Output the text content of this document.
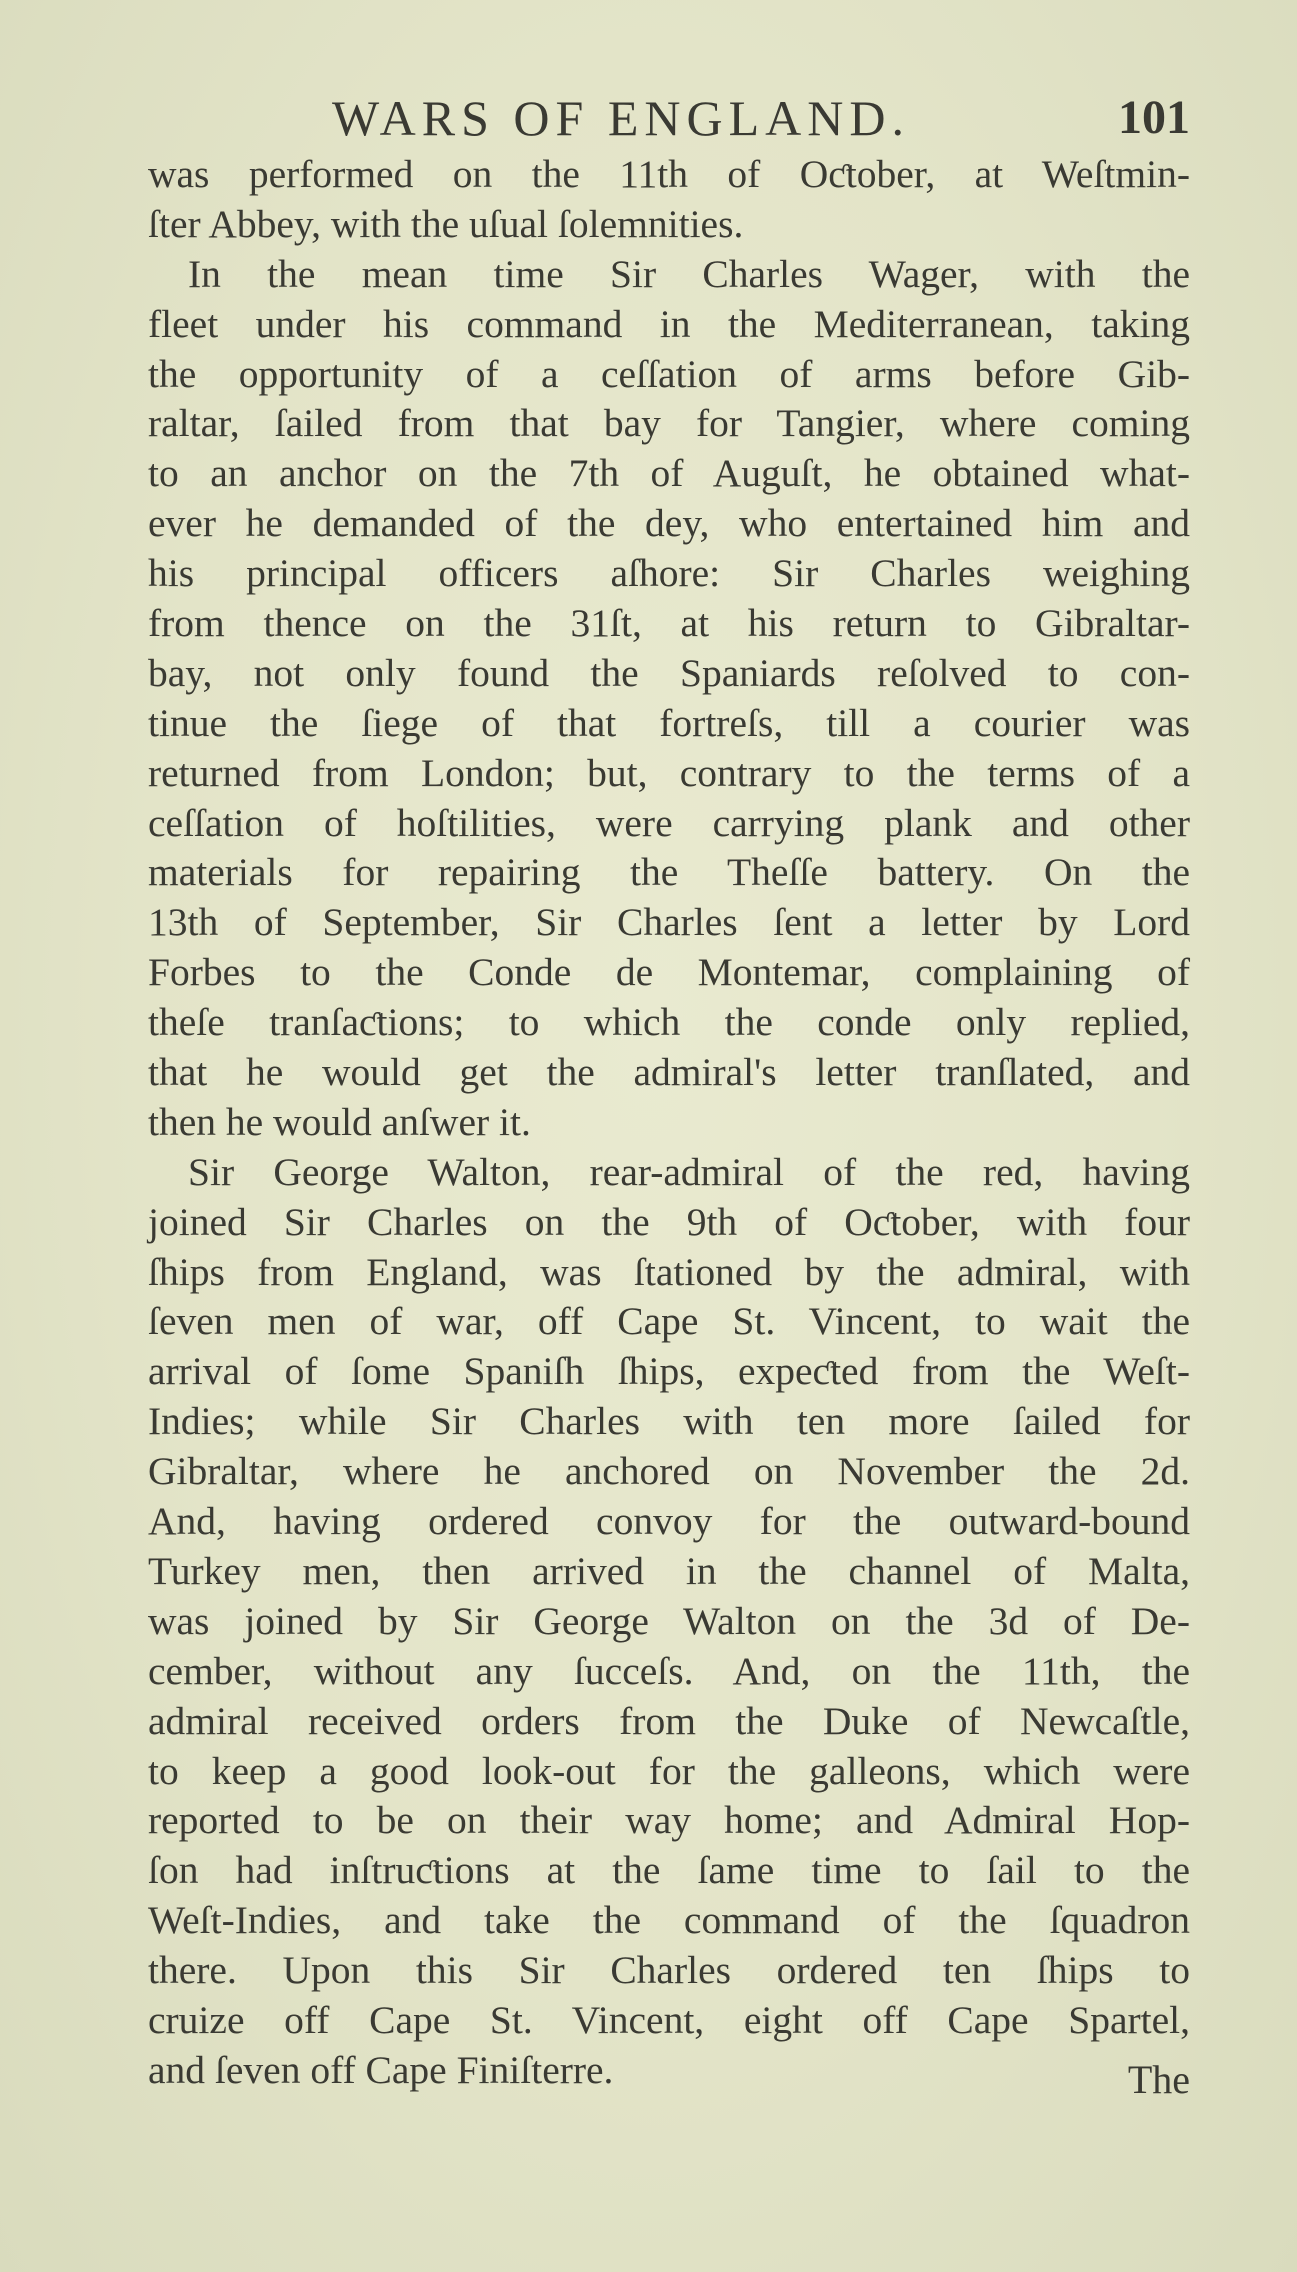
WARS OF ENGLAND.	101
was performed on the 11th of Oƈtober, at Weſtmin-
ſter Abbey, with the uſual ſolemnities.
In the mean time Sir Charles Wager, with the
fleet under his command in the Mediterranean, taking
the opportunity of a ceſſation of arms before Gib-
raltar, ſailed from that bay for Tangier, where coming
to an anchor on the 7th of Auguſt, he obtained what-
ever he demanded of the dey, who entertained him and
his principal officers aſhore: Sir Charles weighing
from thence on the 31ſt, at his return to Gibraltar-
bay, not only found the Spaniards reſolved to con-
tinue the ſiege of that fortreſs, till a courier was
returned from London; but, contrary to the terms of a
ceſſation of hoſtilities, were carrying plank and other
materials for repairing the Theſſe battery. On the
13th of September, Sir Charles ſent a letter by Lord
Forbes to the Conde de Montemar, complaining of
theſe tranſaƈtions; to which the conde only replied,
that he would get the admiral's letter tranſlated, and
then he would anſwer it.
Sir George Walton, rear-admiral of the red, having
joined Sir Charles on the 9th of Oƈtober, with four
ſhips from England, was ſtationed by the admiral, with
ſeven men of war, off Cape St. Vincent, to wait the
arrival of ſome Spaniſh ſhips, expeƈted from the Weſt-
Indies; while Sir Charles with ten more ſailed for
Gibraltar, where he anchored on November the 2d.
And, having ordered convoy for the outward-bound
Turkey men, then arrived in the channel of Malta,
was joined by Sir George Walton on the 3d of De-
cember, without any ſucceſs. And, on the 11th, the
admiral received orders from the Duke of Newcaſtle,
to keep a good look-out for the galleons, which were
reported to be on their way home; and Admiral Hop-
ſon had inſtruƈtions at the ſame time to ſail to the
Weſt-Indies, and take the command of the ſquadron
there. Upon this Sir Charles ordered ten ſhips to
cruize off Cape St. Vincent, eight off Cape Spartel,
and ſeven off Cape Finiſterre.	The
